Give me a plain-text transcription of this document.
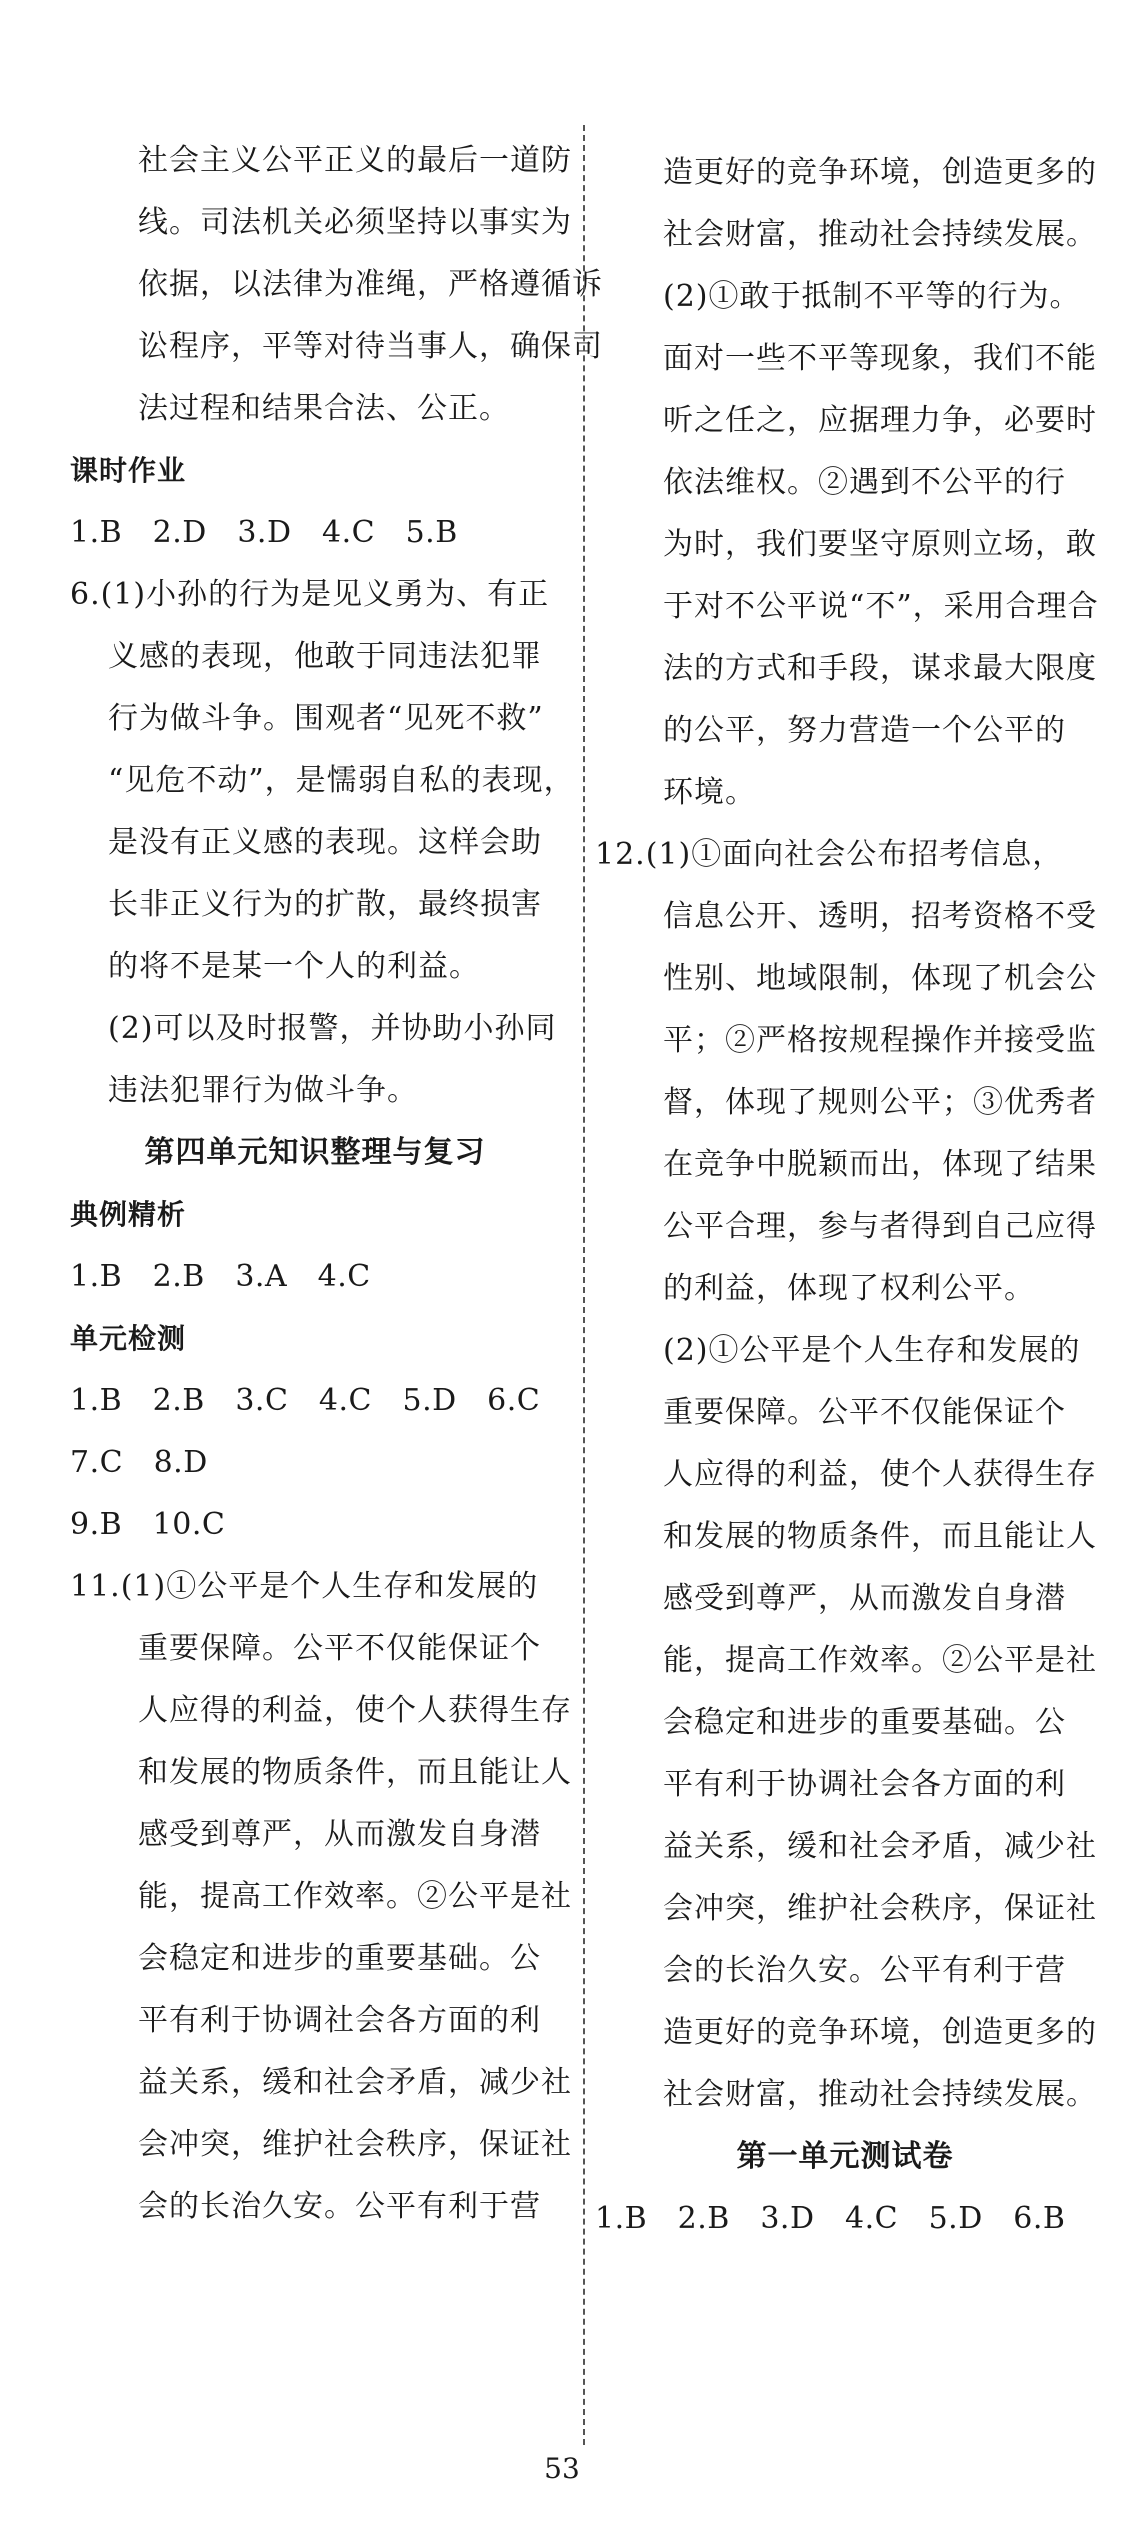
社会主义公平正义的最后一道防
线。司法机关必须坚持以事实为
依据，以法律为准绳，严格遵循诉
讼程序，平等对待当事人，确保司
法过程和结果合法、公正。
课时作业
1.B　2.D　3.D　4.C　5.B
6.(1)小孙的行为是见义勇为、有正
义感的表现，他敢于同违法犯罪
行为做斗争。围观者“见死不救”
“见危不动”，是懦弱自私的表现，
是没有正义感的表现。这样会助
长非正义行为的扩散，最终损害
的将不是某一个人的利益。
(2)可以及时报警，并协助小孙同
违法犯罪行为做斗争。
第四单元知识整理与复习
典例精析
1.B　2.B　3.A　4.C
单元检测
1.B　2.B　3.C　4.C　5.D　6.C
7.C　8.D
9.B　10.C
11.(1)①公平是个人生存和发展的
重要保障。公平不仅能保证个
人应得的利益，使个人获得生存
和发展的物质条件，而且能让人
感受到尊严，从而激发自身潜
能，提高工作效率。②公平是社
会稳定和进步的重要基础。公
平有利于协调社会各方面的利
益关系，缓和社会矛盾，减少社
会冲突，维护社会秩序，保证社
会的长治久安。公平有利于营
造更好的竞争环境，创造更多的
社会财富，推动社会持续发展。
(2)①敢于抵制不平等的行为。
面对一些不平等现象，我们不能
听之任之，应据理力争，必要时
依法维权。②遇到不公平的行
为时，我们要坚守原则立场，敢
于对不公平说“不”，采用合理合
法的方式和手段，谋求最大限度
的公平，努力营造一个公平的
环境。
12.(1)①面向社会公布招考信息，
信息公开、透明，招考资格不受
性别、地域限制，体现了机会公
平；②严格按规程操作并接受监
督，体现了规则公平；③优秀者
在竞争中脱颖而出，体现了结果
公平合理，参与者得到自己应得
的利益，体现了权利公平。
(2)①公平是个人生存和发展的
重要保障。公平不仅能保证个
人应得的利益，使个人获得生存
和发展的物质条件，而且能让人
感受到尊严，从而激发自身潜
能，提高工作效率。②公平是社
会稳定和进步的重要基础。公
平有利于协调社会各方面的利
益关系，缓和社会矛盾，减少社
会冲突，维护社会秩序，保证社
会的长治久安。公平有利于营
造更好的竞争环境，创造更多的
社会财富，推动社会持续发展。
第一单元测试卷
1.B　2.B　3.D　4.C　5.D　6.B
53
